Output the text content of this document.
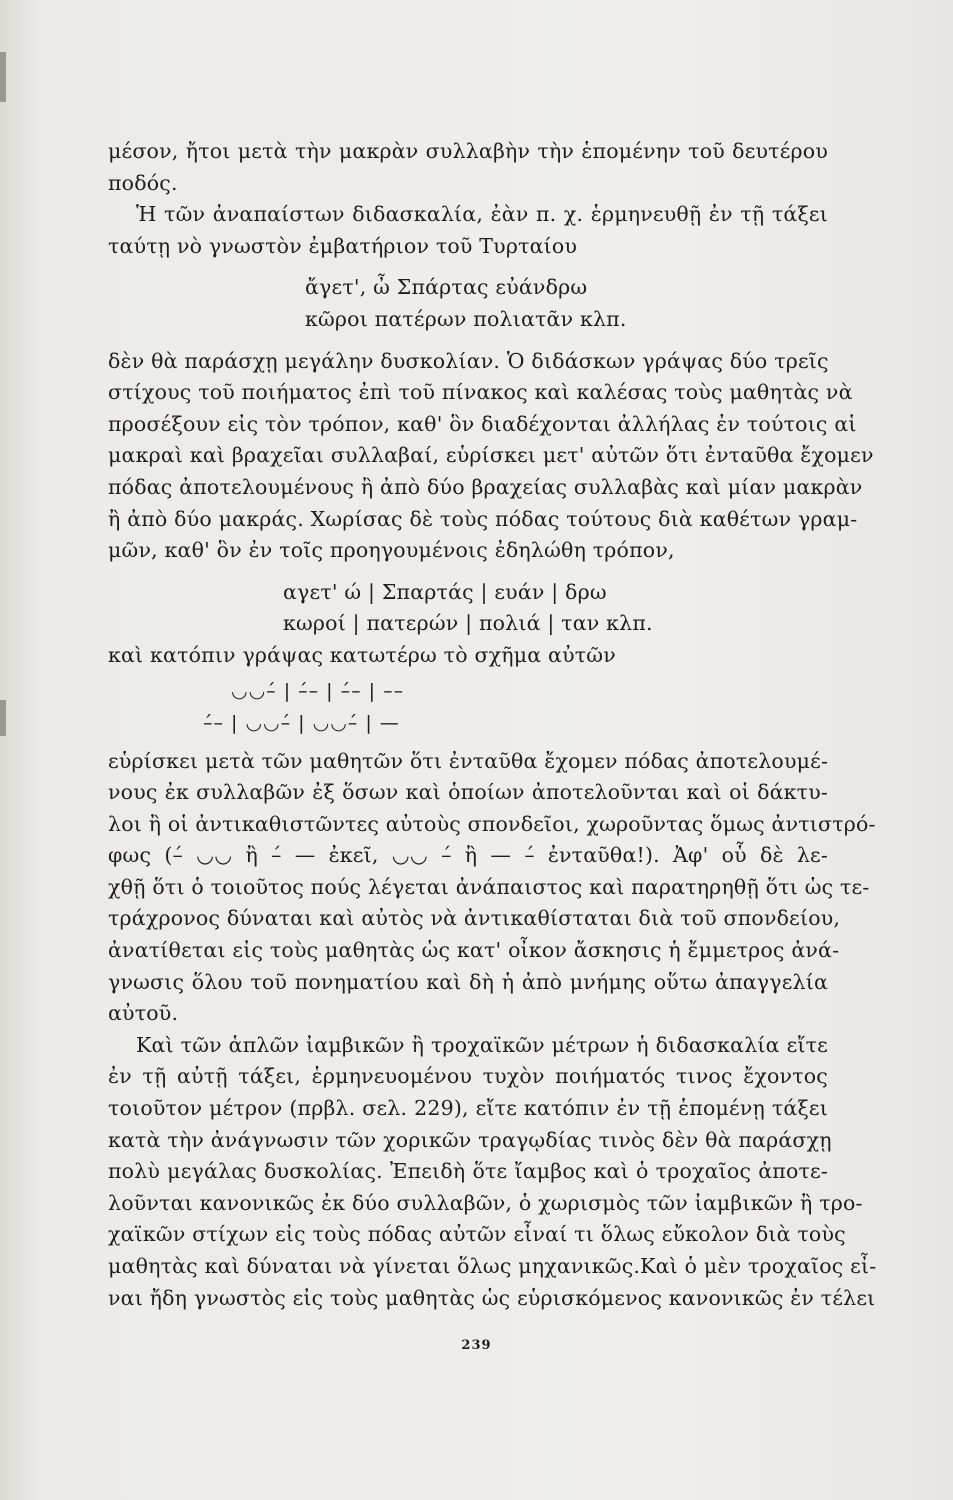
μέσον, ἤτοι μετὰ τὴν μακρὰν συλλαβὴν τὴν ἑπομένην τοῦ δευτέρου
ποδός.
Ἡ τῶν ἀναπαίστων διδασκαλία, ἐὰν π. χ. ἑρμηνευθῇ ἐν τῇ τάξει
ταύτῃ νὸ γνωστὸν ἐμβατήριον τοῦ Τυρταίου
ἄγετ', ὦ Σπάρτας εὐάνδρω
κῶροι πατέρων πολιατᾶν κλπ.
δὲν θὰ παράσχῃ μεγάλην δυσκολίαν. Ὁ διδάσκων γράψας δύο τρεῖς
στίχους τοῦ ποιήματος ἐπὶ τοῦ πίνακος καὶ καλέσας τοὺς μαθητὰς νὰ
προσέξουν εἰς τὸν τρόπον, καθ' ὃν διαδέχονται ἀλλήλας ἐν τούτοις αἱ
μακραὶ καὶ βραχεῖαι συλλαβαί, εὑρίσκει μετ' αὐτῶν ὅτι ἐνταῦθα ἔχομεν
πόδας ἀποτελουμένους ἢ ἀπὸ δύο βραχείας συλλαβὰς καὶ μίαν μακρὰν
ἢ ἀπὸ δύο μακράς. Χωρίσας δὲ τοὺς πόδας τούτους διὰ καθέτων γραμ-
μῶν, καθ' ὃν ἐν τοῖς προηγουμένοις ἐδηλώθη τρόπον,
αγετ' ώ | Σπαρτάς | ευάν | δρω
κωροί | πατερών | πολιά | ταν κλπ.
καὶ κατόπιν γράψας κατωτέρω τὸ σχῆμα αὐτῶν
◡◡–́ | –́– | –́– | ––
–́– | ◡◡–́ | ◡◡–́ | —
εὑρίσκει μετὰ τῶν μαθητῶν ὅτι ἐνταῦθα ἔχομεν πόδας ἀποτελουμέ-
νους ἐκ συλλαβῶν ἐξ ὅσων καὶ ὁποίων ἀποτελοῦνται καὶ οἱ δάκτυ-
λοι ἢ οἱ ἀντικαθιστῶντες αὐτοὺς σπονδεῖοι, χωροῦντας ὅμως ἀντιστρό-
φως (–́ ◡◡ ἢ –́ — ἐκεῖ, ◡◡ –́ ἢ — –́ ἐνταῦθα!). Ἀφ' οὗ δὲ λε-
χθῇ ὅτι ὁ τοιοῦτος πούς λέγεται ἀνάπαιστος καὶ παρατηρηθῇ ὅτι ὡς τε-
τράχρονος δύναται καὶ αὐτὸς νὰ ἀντικαθίσταται διὰ τοῦ σπονδείου,
ἀνατίθεται εἰς τοὺς μαθητὰς ὡς κατ' οἶκον ἄσκησις ἡ ἔμμετρος ἀνά-
γνωσις ὅλου τοῦ πονηματίου καὶ δὴ ἡ ἀπὸ μνήμης οὕτω ἀπαγγελία
αὐτοῦ.
Καὶ τῶν ἁπλῶν ἰαμβικῶν ἢ τροχαϊκῶν μέτρων ἡ διδασκαλία εἴτε
ἐν τῇ αὐτῇ τάξει, ἑρμηνευομένου τυχὸν ποιήματός τινος ἔχοντος
τοιοῦτον μέτρον (πρβλ. σελ. 229), εἴτε κατόπιν ἐν τῇ ἑπομένῃ τάξει
κατὰ τὴν ἀνάγνωσιν τῶν χορικῶν τραγῳδίας τινὸς δὲν θὰ παράσχῃ
πολὺ μεγάλας δυσκολίας. Ἐπειδὴ ὅτε ἴαμβος καὶ ὁ τροχαῖος ἀποτε-
λοῦνται κανονικῶς ἐκ δύο συλλαβῶν, ὁ χωρισμὸς τῶν ἰαμβικῶν ἢ τρο-
χαϊκῶν στίχων εἰς τοὺς πόδας αὐτῶν εἶναί τι ὅλως εὔκολον διὰ τοὺς
μαθητὰς καὶ δύναται νὰ γίνεται ὅλως μηχανικῶς.Καὶ ὁ μὲν τροχαῖος εἶ-
ναι ἤδη γνωστὸς εἰς τοὺς μαθητὰς ὡς εὑρισκόμενος κανονικῶς ἐν τέλει
239
